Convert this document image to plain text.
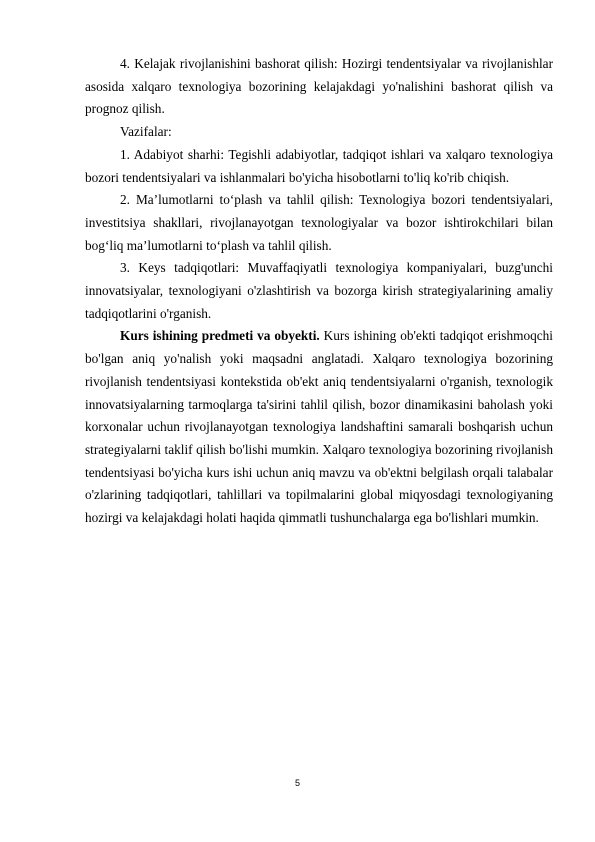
4. Kelajak rivojlanishini bashorat qilish: Hozirgi tendentsiyalar va rivojlanishlar asosida xalqaro texnologiya bozorining kelajakdagi yo'nalishini bashorat qilish va prognoz qilish.

Vazifalar:

1. Adabiyot sharhi: Tegishli adabiyotlar, tadqiqot ishlari va xalqaro texnologiya bozori tendentsiyalari va ishlanmalari bo'yicha hisobotlarni to'liq ko'rib chiqish.

2. Maʼlumotlarni toʻplash va tahlil qilish: Texnologiya bozori tendentsiyalari, investitsiya shakllari, rivojlanayotgan texnologiyalar va bozor ishtirokchilari bilan bogʻliq maʼlumotlarni toʻplash va tahlil qilish.

3. Keys tadqiqotlari: Muvaffaqiyatli texnologiya kompaniyalari, buzg'unchi innovatsiyalar, texnologiyani o'zlashtirish va bozorga kirish strategiyalarining amaliy tadqiqotlarini o'rganish.

Kurs ishining predmeti va obyekti. Kurs ishining ob'ekti tadqiqot erishmoqchi bo'lgan aniq yo'nalish yoki maqsadni anglatadi. Xalqaro texnologiya bozorining rivojlanish tendentsiyasi kontekstida ob'ekt aniq tendentsiyalarni o'rganish, texnologik innovatsiyalarning tarmoqlarga ta'sirini tahlil qilish, bozor dinamikasini baholash yoki korxonalar uchun rivojlanayotgan texnologiya landshaftini samarali boshqarish uchun strategiyalarni taklif qilish bo'lishi mumkin. Xalqaro texnologiya bozorining rivojlanish tendentsiyasi bo'yicha kurs ishi uchun aniq mavzu va ob'ektni belgilash orqali talabalar o'zlarining tadqiqotlari, tahlillari va topilmalarini global miqyosdagi texnologiyaning hozirgi va kelajakdagi holati haqida qimmatli tushunchalarga ega bo'lishlari mumkin.

5
